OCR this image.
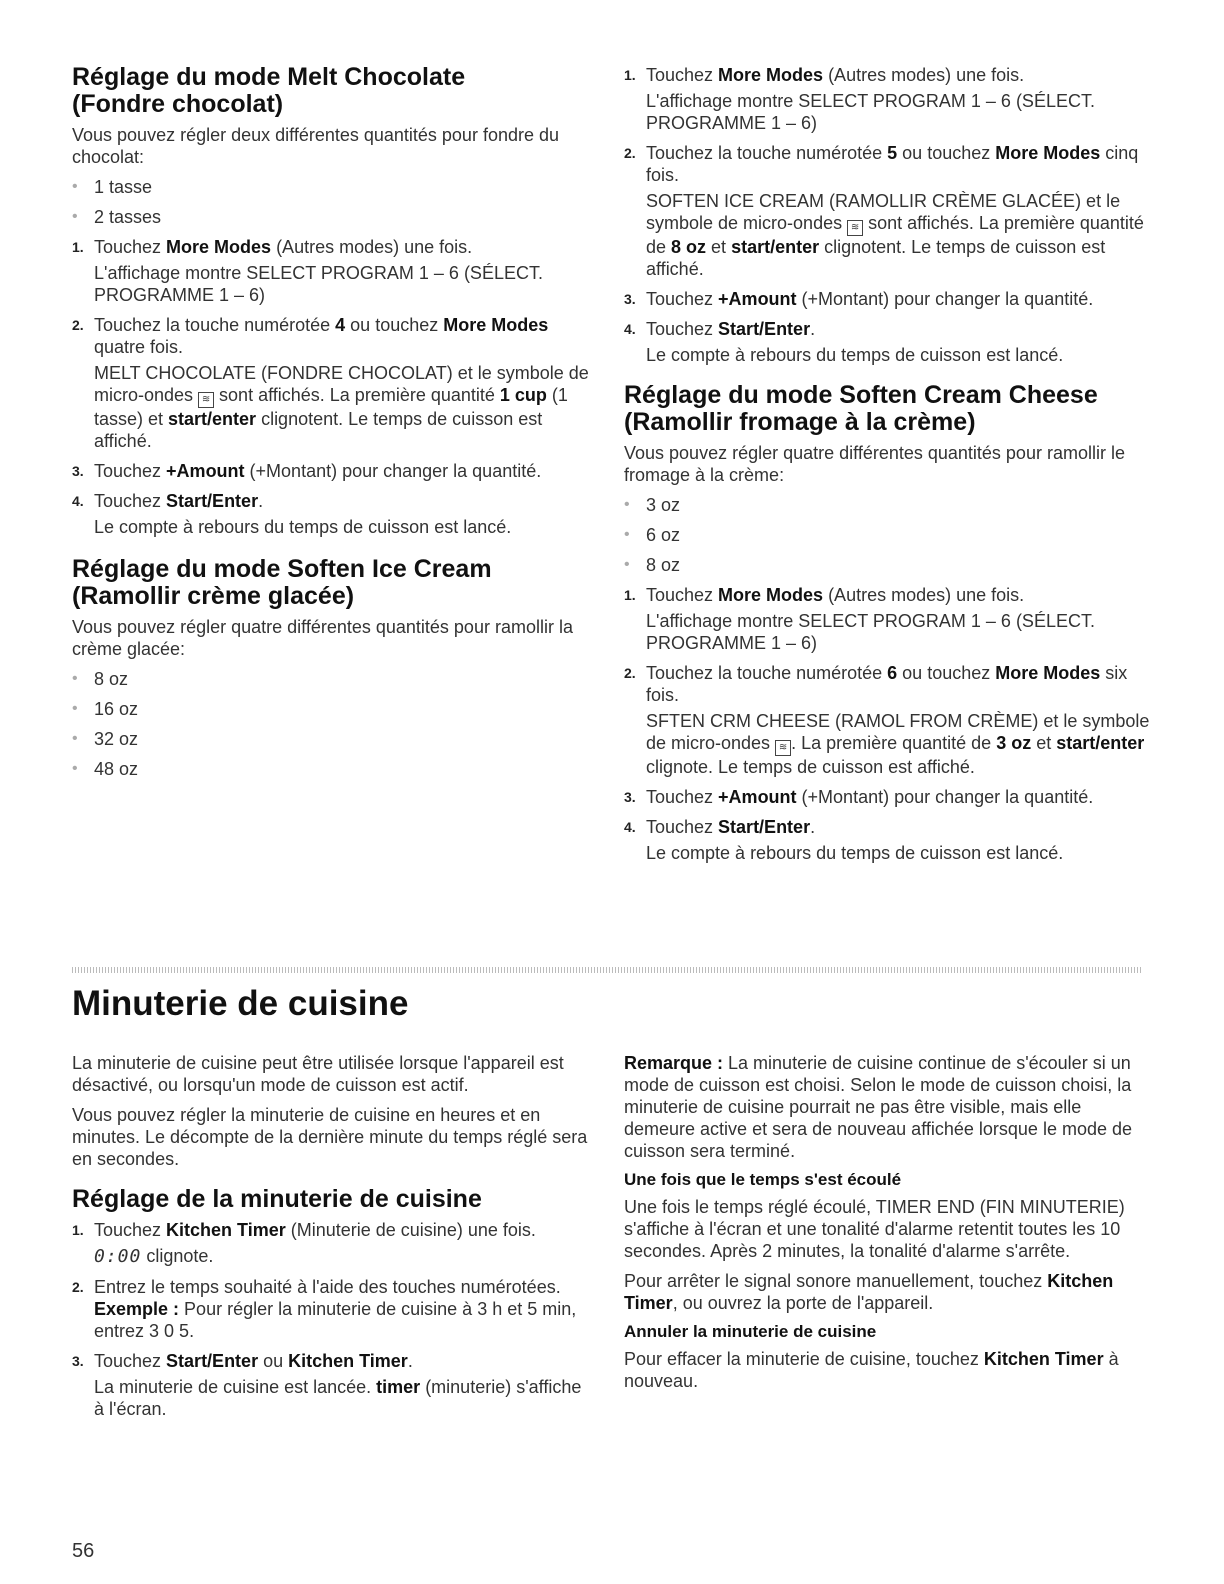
Réglage du mode Melt Chocolate
(Fondre chocolat)

Vous pouvez régler deux différentes quantités pour fondre du chocolat:

• 1 tasse
• 2 tasses
1. Touchez More Modes (Autres modes) une fois.
L'affichage montre SELECT PROGRAM 1 – 6 (SÉLECT. PROGRAMME 1 – 6)
2. Touchez la touche numérotée 4 ou touchez More Modes quatre fois.
MELT CHOCOLATE (FONDRE CHOCOLAT) et le symbole de micro-ondes ≋ sont affichés. La première quantité 1 cup (1 tasse) et start/enter clignotent. Le temps de cuisson est affiché.
3. Touchez +Amount (+Montant) pour changer la quantité.
4. Touchez Start/Enter.
Le compte à rebours du temps de cuisson est lancé.
Réglage du mode Soften Ice Cream
(Ramollir crème glacée)

Vous pouvez régler quatre différentes quantités pour ramollir la crème glacée:

• 8 oz
• 16 oz
• 32 oz
• 48 oz
1. Touchez More Modes (Autres modes) une fois.
L'affichage montre SELECT PROGRAM 1 – 6 (SÉLECT. PROGRAMME 1 – 6)
2. Touchez la touche numérotée 5 ou touchez More Modes cinq fois.
SOFTEN ICE CREAM (RAMOLLIR CRÈME GLACÉE) et le symbole de micro-ondes ≋ sont affichés. La première quantité de 8 oz et start/enter clignotent. Le temps de cuisson est affiché.
3. Touchez +Amount (+Montant) pour changer la quantité.
4. Touchez Start/Enter.
Le compte à rebours du temps de cuisson est lancé.
Réglage du mode Soften Cream Cheese
(Ramollir fromage à la crème)

Vous pouvez régler quatre différentes quantités pour ramollir le fromage à la crème:

• 3 oz
• 6 oz
• 8 oz
1. Touchez More Modes (Autres modes) une fois.
L'affichage montre SELECT PROGRAM 1 – 6 (SÉLECT. PROGRAMME 1 – 6)
2. Touchez la touche numérotée 6 ou touchez More Modes six fois.
SFTEN CRM CHEESE (RAMOL FROM CRÈME) et le symbole de micro-ondes ≋ . La première quantité de 3 oz et start/enter clignote. Le temps de cuisson est affiché.
3. Touchez +Amount (+Montant) pour changer la quantité.
4. Touchez Start/Enter.
Le compte à rebours du temps de cuisson est lancé.
Minuterie de cuisine

La minuterie de cuisine peut être utilisée lorsque l'appareil est désactivé, ou lorsqu'un mode de cuisson est actif.

Vous pouvez régler la minuterie de cuisine en heures et en minutes. Le décompte de la dernière minute du temps réglé sera en secondes.

Réglage de la minuterie de cuisine
1. Touchez Kitchen Timer (Minuterie de cuisine) une fois.
0:00 clignote.
2. Entrez le temps souhaité à l'aide des touches numérotées. Exemple : Pour régler la minuterie de cuisine à 3 h et 5 min, entrez 3 0 5.
3. Touchez Start/Enter ou Kitchen Timer.
La minuterie de cuisine est lancée. timer (minuterie) s'affiche à l'écran.

Remarque : La minuterie de cuisine continue de s'écouler si un mode de cuisson est choisi. Selon le mode de cuisson choisi, la minuterie de cuisine pourrait ne pas être visible, mais elle demeure active et sera de nouveau affichée lorsque le mode de cuisson sera terminé.

Une fois que le temps s'est écoulé

Une fois le temps réglé écoulé, TIMER END (FIN MINUTERIE) s'affiche à l'écran et une tonalité d'alarme retentit toutes les 10 secondes. Après 2 minutes, la tonalité d'alarme s'arrête.

Pour arrêter le signal sonore manuellement, touchez Kitchen Timer, ou ouvrez la porte de l'appareil.

Annuler la minuterie de cuisine

Pour effacer la minuterie de cuisine, touchez Kitchen Timer à nouveau.

56
